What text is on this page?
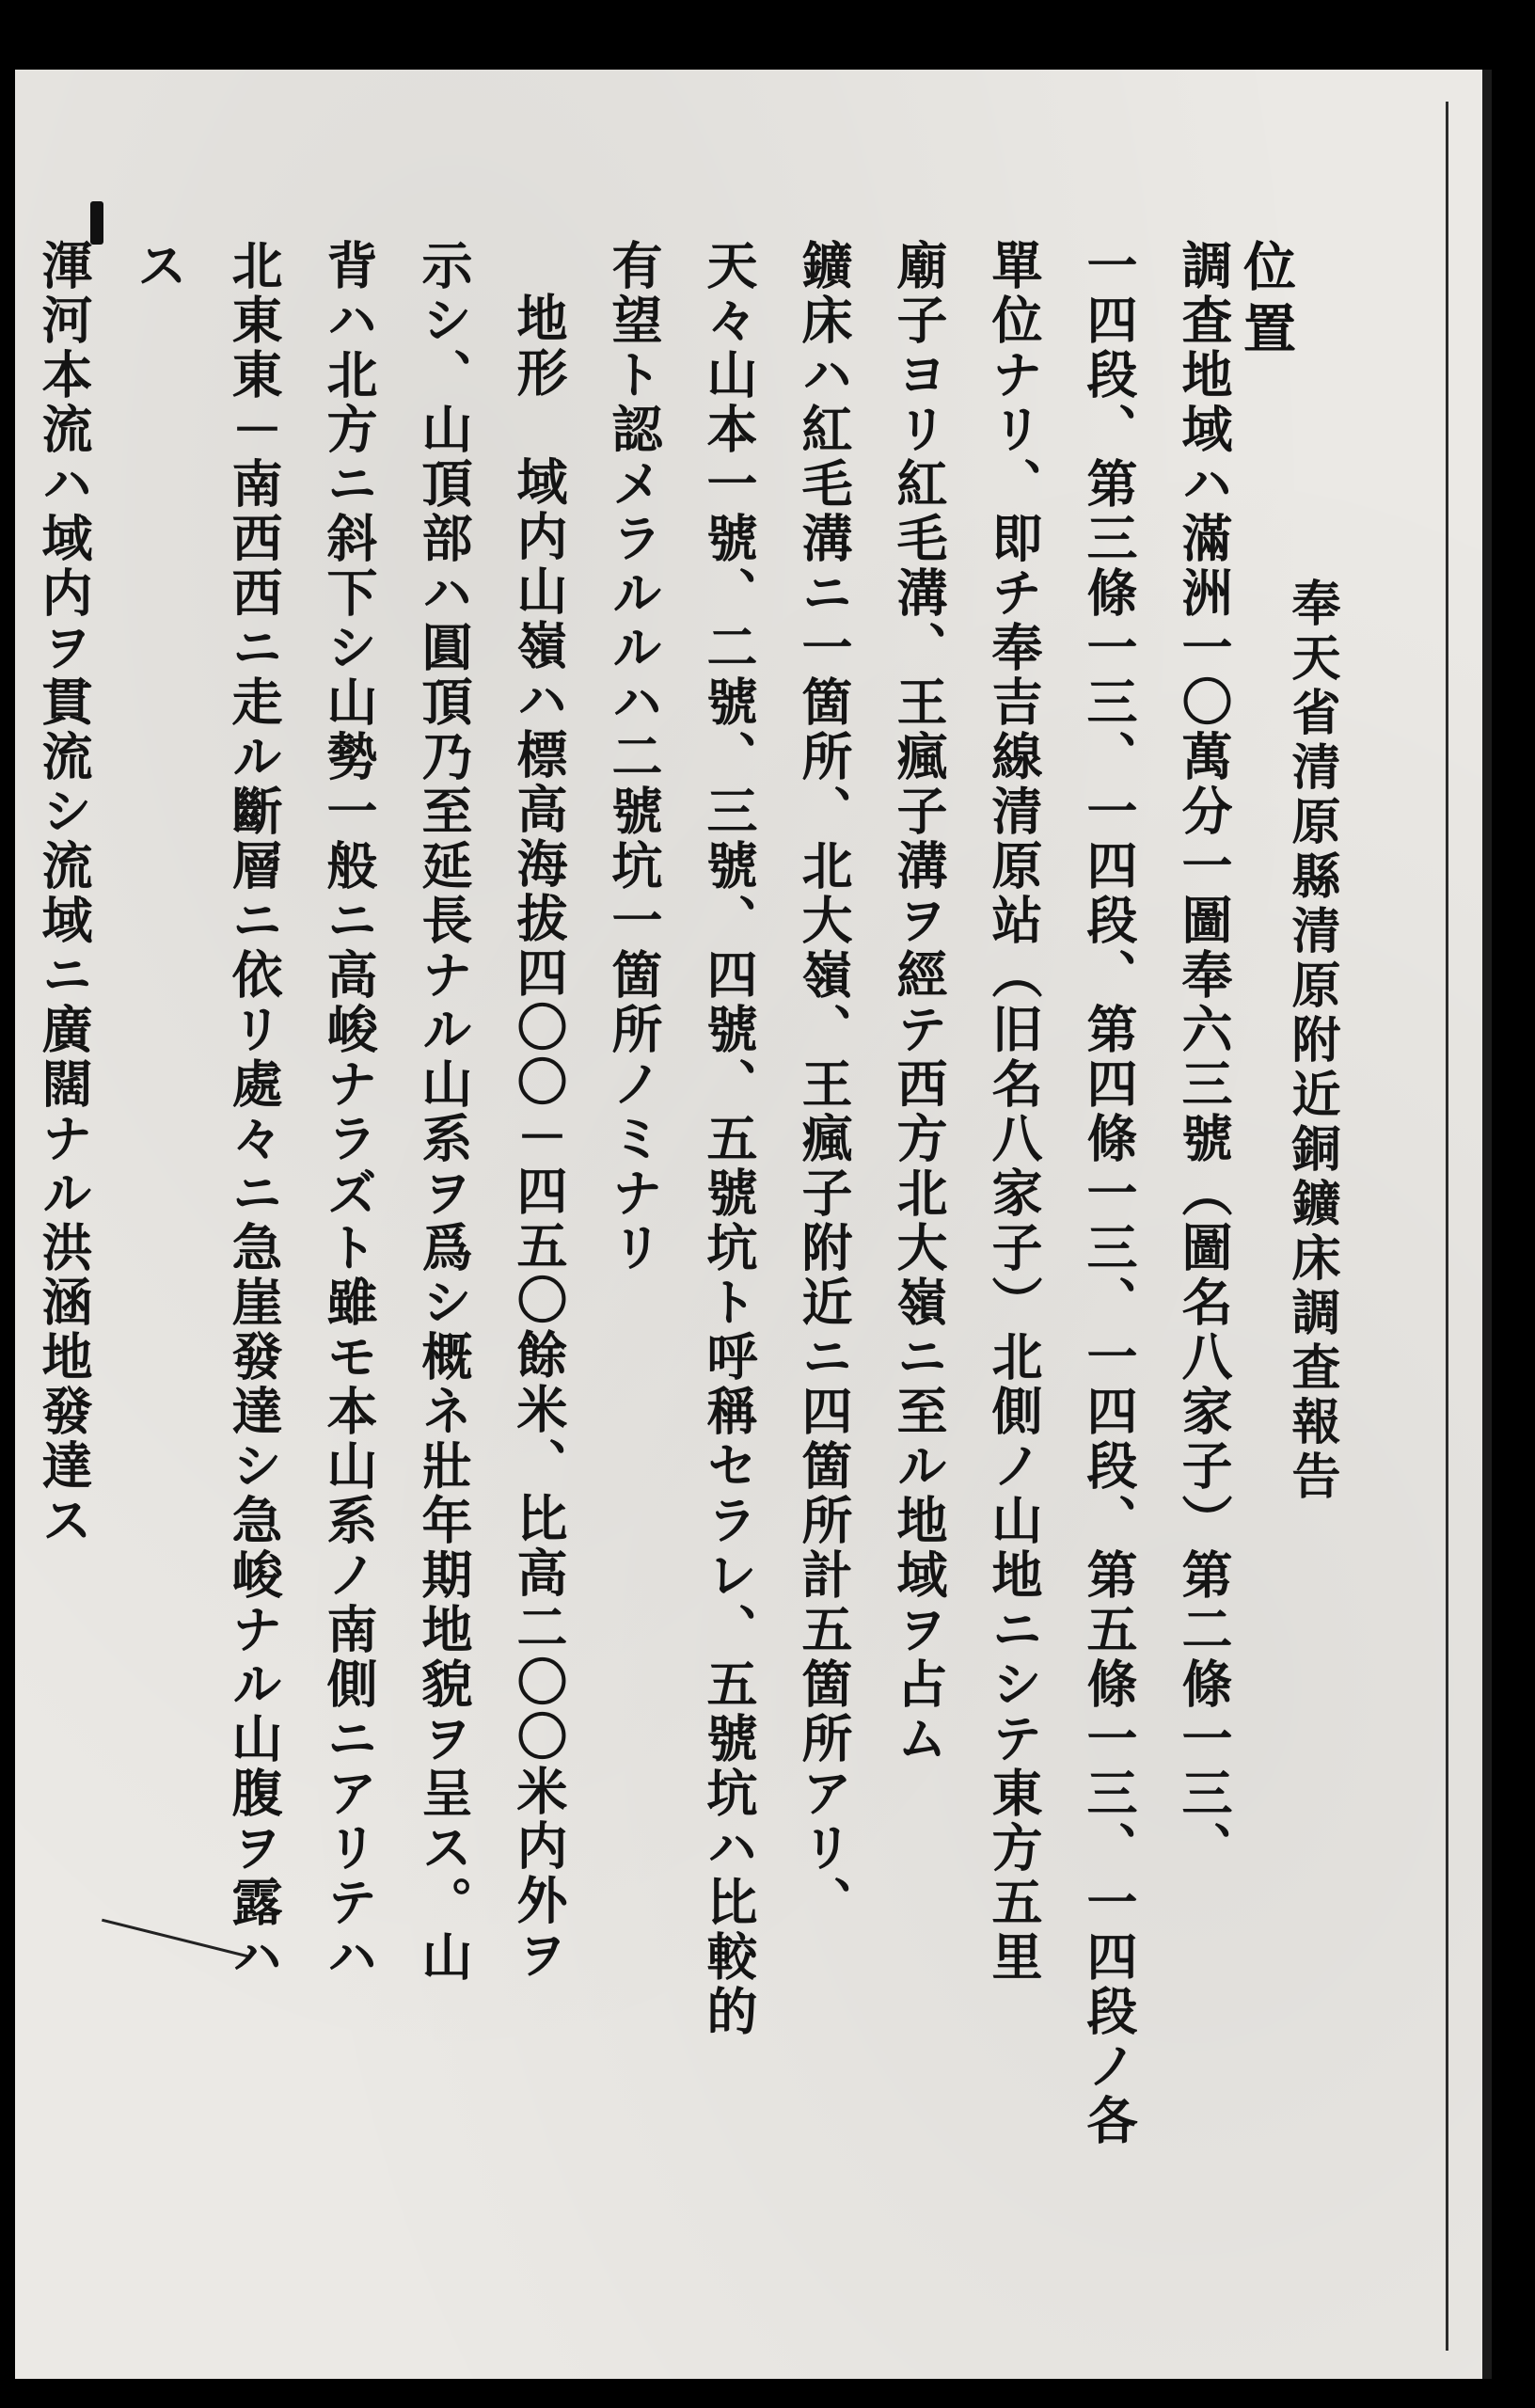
位置
奉天省清原縣清原附近銅鑛床調査報告
調査地域ハ滿洲一〇萬分一圖奉六三號（圖名八家子）第二條一三、
一四段、第三條一三、一四段、第四條一三、一四段、第五條一三、一四段ノ各
單位ナリ、即チ奉吉線清原站（旧名八家子）北側ノ山地ニシテ東方五里
廟子ヨリ紅毛溝、王瘋子溝ヲ經テ西方北大嶺ニ至ル地域ヲ占ム
鑛床ハ紅毛溝ニ一箇所、北大嶺、王瘋子附近ニ四箇所計五箇所アリ、
天々山本一號、二號、三號、四號、五號坑ト呼稱セラレ、五號坑ハ比較的
有望ト認メラルルハ二號坑一箇所ノミナリ
地形　域内山嶺ハ標高海拔四〇〇－四五〇餘米、比高二〇〇米内外ヲ
示シ、山頂部ハ圓頂乃至延長ナル山系ヲ爲シ概ネ壯年期地貌ヲ呈ス。山
背ハ北方ニ斜下シ山勢一般ニ高峻ナラズト雖モ本山系ノ南側ニアリテハ
北東東－南西西ニ走ル斷層ニ依リ處々ニ急崖發達シ急峻ナル山腹ヲ露ハ
ス
渾河本流ハ域内ヲ貫流シ流域ニ廣闊ナル洪涵地發達ス
